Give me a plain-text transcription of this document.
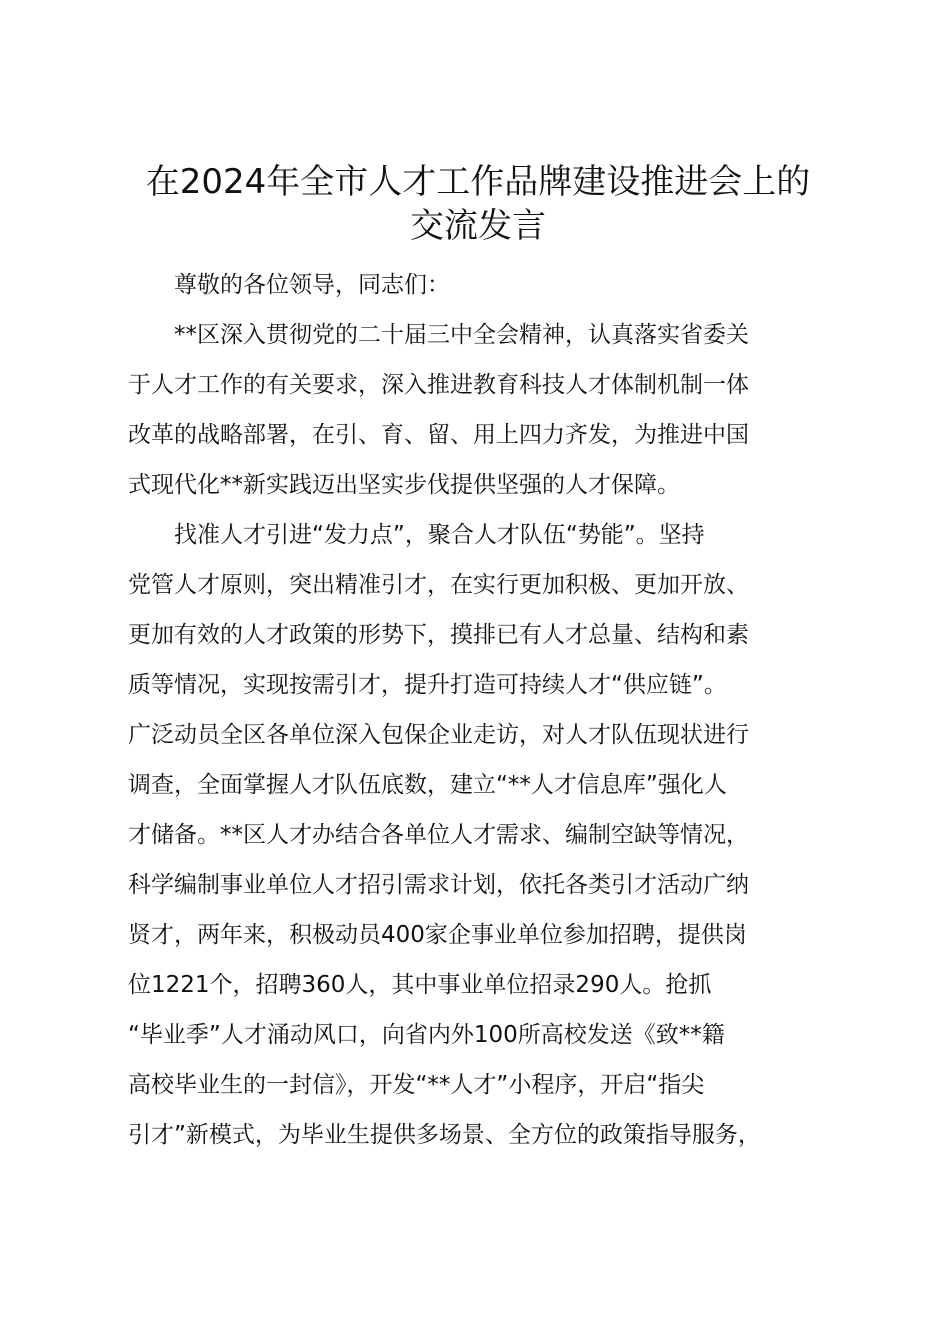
在2024年全市人才工作品牌建设推进会上的
交流发言

尊敬的各位领导，同志们：

**区深入贯彻党的二十届三中全会精神，认真落实省委关
于人才工作的有关要求，深入推进教育科技人才体制机制一体
改革的战略部署，在引、育、留、用上四力齐发，为推进中国
式现代化**新实践迈出坚实步伐提供坚强的人才保障。
找准人才引进“发力点”，聚合人才队伍“势能”。坚持
党管人才原则，突出精准引才，在实行更加积极、更加开放、
更加有效的人才政策的形势下，摸排已有人才总量、结构和素
质等情况，实现按需引才，提升打造可持续人才“供应链”。
广泛动员全区各单位深入包保企业走访，对人才队伍现状进行
调查，全面掌握人才队伍底数，建立“**人才信息库”强化人
才储备。**区人才办结合各单位人才需求、编制空缺等情况，
科学编制事业单位人才招引需求计划，依托各类引才活动广纳
贤才，两年来，积极动员400家企事业单位参加招聘，提供岗
位1221个，招聘360人，其中事业单位招录290人。抢抓
“毕业季”人才涌动风口，向省内外100所高校发送《致**籍
高校毕业生的一封信》，开发“**人才”小程序，开启“指尖
引才”新模式，为毕业生提供多场景、全方位的政策指导服务，
